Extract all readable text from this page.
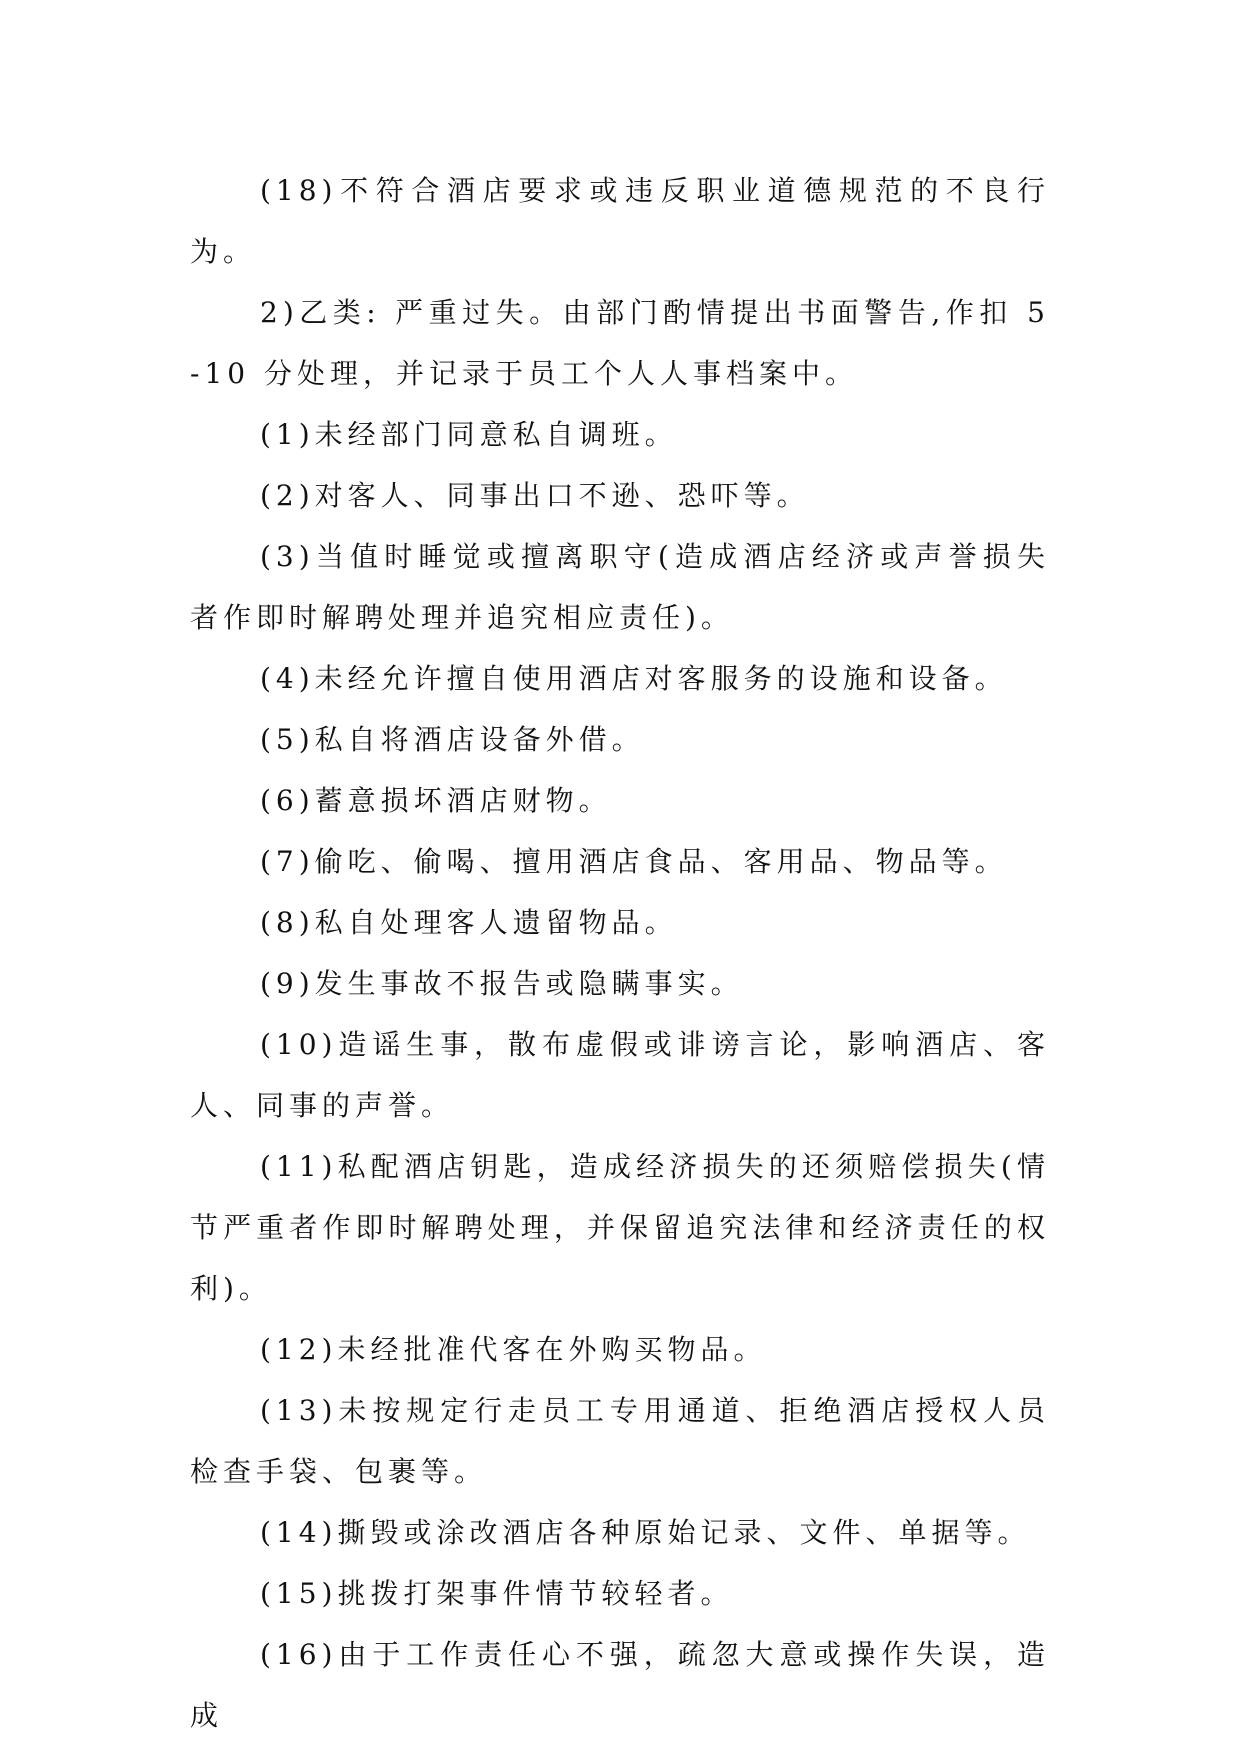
(18)不符合酒店要求或违反职业道德规范的不良行为。

2)乙类: 严重过失。由部门酌情提出书面警告,作扣 5-10 分处理，并记录于员工个人人事档案中。

(1)未经部门同意私自调班。

(2)对客人、同事出口不逊、恐吓等。

(3)当值时睡觉或擅离职守(造成酒店经济或声誉损失者作即时解聘处理并追究相应责任)。

(4)未经允许擅自使用酒店对客服务的设施和设备。

(5)私自将酒店设备外借。

(6)蓄意损坏酒店财物。

(7)偷吃、偷喝、擅用酒店食品、客用品、物品等。

(8)私自处理客人遗留物品。

(9)发生事故不报告或隐瞒事实。

(10)造谣生事，散布虚假或诽谤言论，影响酒店、客人、同事的声誉。

(11)私配酒店钥匙，造成经济损失的还须赔偿损失(情节严重者作即时解聘处理，并保留追究法律和经济责任的权利)。

(12)未经批准代客在外购买物品。

(13)未按规定行走员工专用通道、拒绝酒店授权人员检查手袋、包裹等。

(14)撕毁或涂改酒店各种原始记录、文件、单据等。

(15)挑拨打架事件情节较轻者。

(16)由于工作责任心不强，疏忽大意或操作失误，造成
